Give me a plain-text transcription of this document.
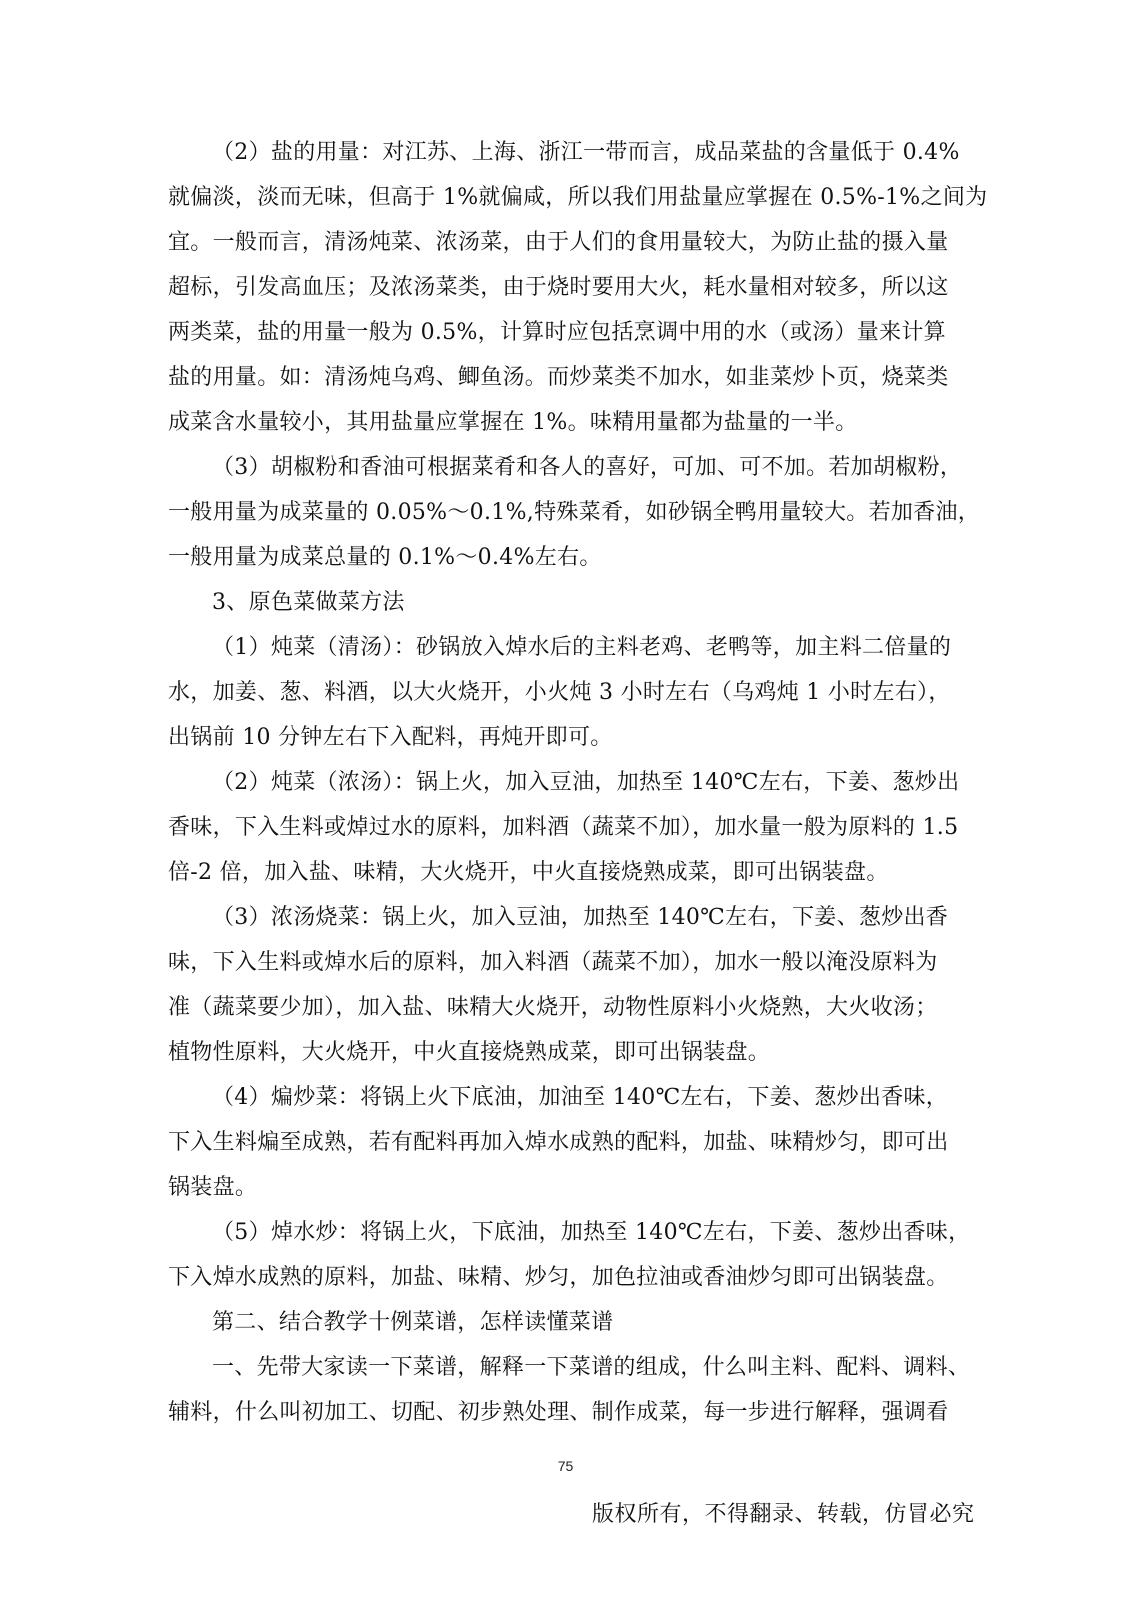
（2）盐的用量：对江苏、上海、浙江一带而言，成品菜盐的含量低于 0.4%
就偏淡，淡而无味，但高于 1%就偏咸，所以我们用盐量应掌握在 0.5%-1%之间为
宜。一般而言，清汤炖菜、浓汤菜，由于人们的食用量较大，为防止盐的摄入量
超标，引发高血压；及浓汤菜类，由于烧时要用大火，耗水量相对较多，所以这
两类菜，盐的用量一般为 0.5%，计算时应包括烹调中用的水（或汤）量来计算
盐的用量。如：清汤炖乌鸡、鲫鱼汤。而炒菜类不加水，如韭菜炒卜页，烧菜类
成菜含水量较小，其用盐量应掌握在 1%。味精用量都为盐量的一半。
（3）胡椒粉和香油可根据菜肴和各人的喜好，可加、可不加。若加胡椒粉，
一般用量为成菜量的 0.05%～0.1%,特殊菜肴，如砂锅全鸭用量较大。若加香油，
一般用量为成菜总量的 0.1%～0.4%左右。
3、原色菜做菜方法
（1）炖菜（清汤）：砂锅放入焯水后的主料老鸡、老鸭等，加主料二倍量的
水，加姜、葱、料酒，以大火烧开，小火炖 3 小时左右（乌鸡炖 1 小时左右），
出锅前 10 分钟左右下入配料，再炖开即可。
（2）炖菜（浓汤）：锅上火，加入豆油，加热至 140℃左右，下姜、葱炒出
香味，下入生料或焯过水的原料，加料酒（蔬菜不加），加水量一般为原料的 1.5
倍-2 倍，加入盐、味精，大火烧开，中火直接烧熟成菜，即可出锅装盘。
（3）浓汤烧菜：锅上火，加入豆油，加热至 140℃左右，下姜、葱炒出香
味，下入生料或焯水后的原料，加入料酒（蔬菜不加），加水一般以淹没原料为
准（蔬菜要少加），加入盐、味精大火烧开，动物性原料小火烧熟，大火收汤；
植物性原料，大火烧开，中火直接烧熟成菜，即可出锅装盘。
（4）煸炒菜：将锅上火下底油，加油至 140℃左右，下姜、葱炒出香味，
下入生料煸至成熟，若有配料再加入焯水成熟的配料，加盐、味精炒匀，即可出
锅装盘。
（5）焯水炒：将锅上火，下底油，加热至 140℃左右，下姜、葱炒出香味，
下入焯水成熟的原料，加盐、味精、炒匀，加色拉油或香油炒匀即可出锅装盘。
第二、结合教学十例菜谱，怎样读懂菜谱
一、先带大家读一下菜谱，解释一下菜谱的组成，什么叫主料、配料、调料、
辅料，什么叫初加工、切配、初步熟处理、制作成菜，每一步进行解释，强调看
75
版权所有，不得翻录、转载，仿冒必究
